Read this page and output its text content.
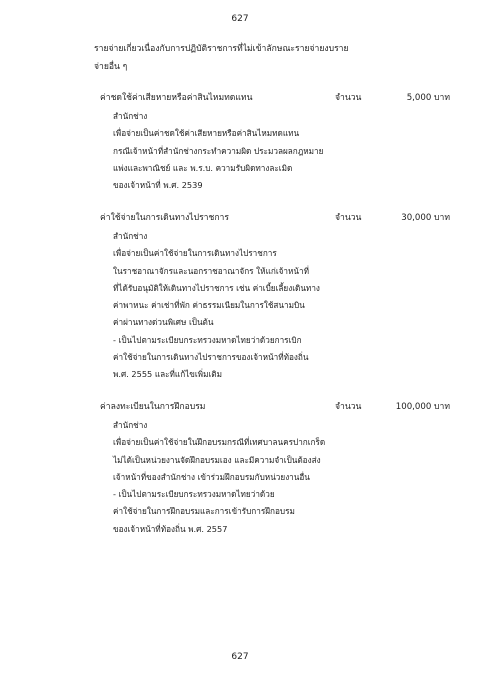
627
รายจ่ายเกี่ยวเนื่องกับการปฏิบัติราชการที่ไม่เข้าลักษณะรายจ่ายงบราย
จ่ายอื่น ๆ
ค่าชดใช้ค่าเสียหายหรือค่าสินไหมทดแทน	จำนวน	5,000 บาท
สำนักช่าง
เพื่อจ่ายเป็นค่าชดใช้ค่าเสียหายหรือค่าสินไหมทดแทน
กรณีเจ้าหน้าที่สำนักช่างกระทำความผิด ประมวลผลกฎหมาย
แพ่งและพาณิชย์ และ พ.ร.บ. ความรับผิดทางละเมิด
ของเจ้าหน้าที่ พ.ศ. 2539
ค่าใช้จ่ายในการเดินทางไปราชการ	จำนวน	30,000 บาท
สำนักช่าง
เพื่อจ่ายเป็นค่าใช้จ่ายในการเดินทางไปราชการ
ในราชอาณาจักรและนอกราชอาณาจักร ให้แก่เจ้าหน้าที่
ที่ได้รับอนุมัติให้เดินทางไปราชการ เช่น ค่าเบี้ยเลี้ยงเดินทาง
ค่าพาหนะ ค่าเช่าที่พัก ค่าธรรมเนียมในการใช้สนามบิน
ค่าผ่านทางด่วนพิเศษ เป็นต้น
- เป็นไปตามระเบียบกระทรวงมหาดไทยว่าด้วยการเบิก
ค่าใช้จ่ายในการเดินทางไปราชการของเจ้าหน้าที่ท้องถิ่น
พ.ศ. 2555 และที่แก้ไขเพิ่มเติม
ค่าลงทะเบียนในการฝึกอบรม	จำนวน	100,000 บาท
สำนักช่าง
เพื่อจ่ายเป็นค่าใช้จ่ายในฝึกอบรมกรณีที่เทศบาลนครปากเกร็ด
ไม่ได้เป็นหน่วยงานจัดฝึกอบรมเอง และมีความจำเป็นต้องส่ง
เจ้าหน้าที่ของสำนักช่าง เข้าร่วมฝึกอบรมกับหน่วยงานอื่น
- เป็นไปตามระเบียบกระทรวงมหาดไทยว่าด้วย
ค่าใช้จ่ายในการฝึกอบรมและการเข้ารับการฝึกอบรม
ของเจ้าหน้าที่ท้องถิ่น พ.ศ. 2557
627
